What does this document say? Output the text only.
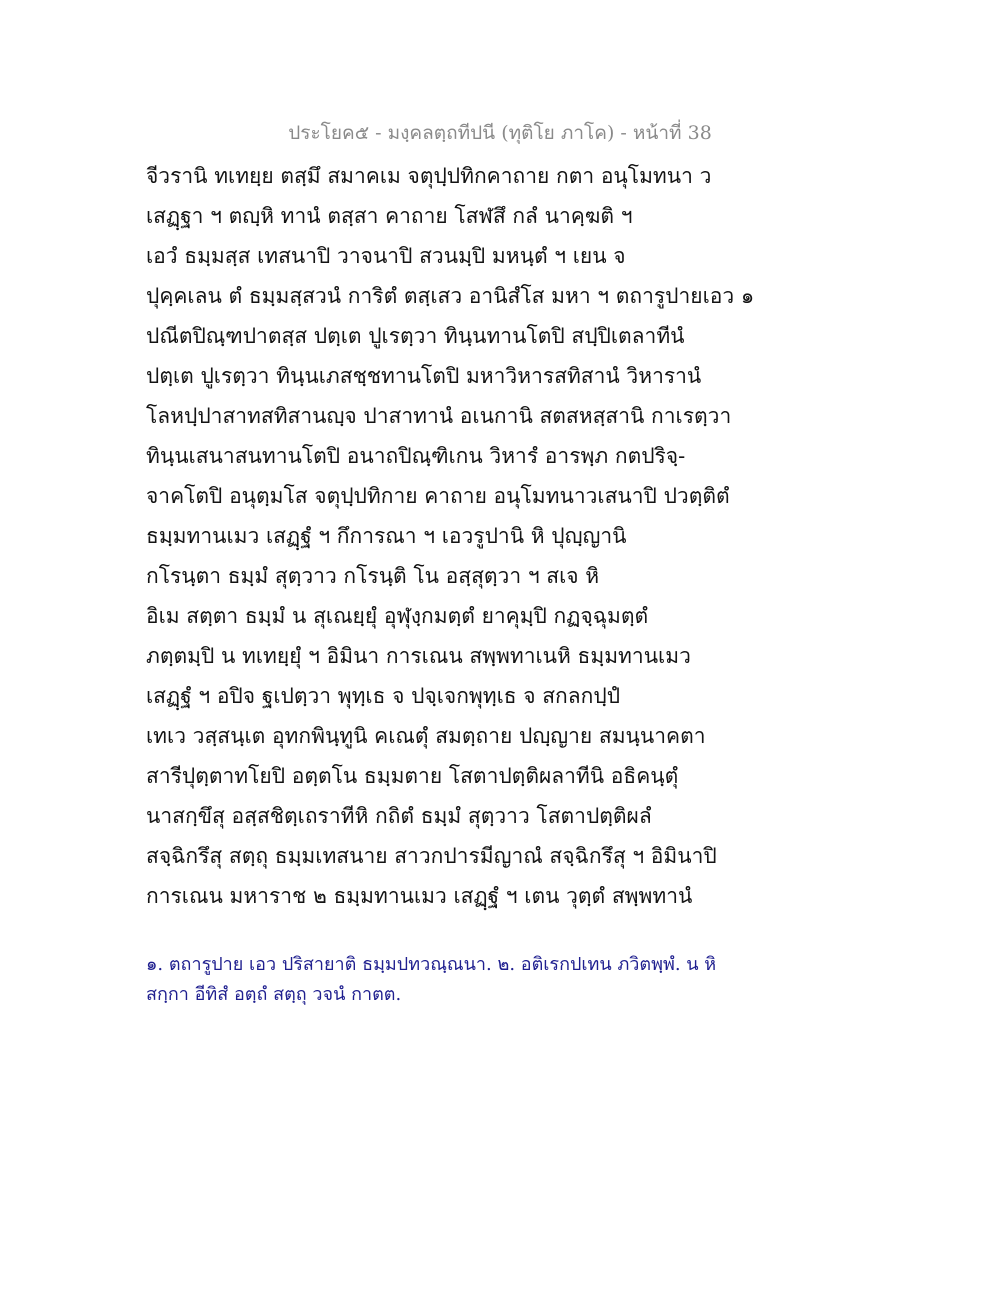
ประโยค๕ - มงฺคลตฺถทีปนี (ทุติโย ภาโค) - หน้าที่ 38
จีวรานิ ทเทยฺย ตสฺมึ สมาคเม จตุปฺปทิกคาถาย กตา อนุโมทนา ว
เสฏฺฐา ฯ ตญฺหิ ทานํ ตสฺสา คาถาย โสฬสึ กลํ นาคฺฆติ ฯ
เอวํ ธมฺมสฺส เทสนาปิ วาจนาปิ สวนมฺปิ มหนฺตํ ฯ เยน จ
ปุคฺคเลน ตํ ธมฺมสฺสวนํ การิตํ ตสฺเสว อานิสํโส มหา ฯ ตถารูปายเอว ๑
ปณีตปิณฺฑปาตสฺส ปตฺเต ปูเรตฺวา ทินฺนทานโตปิ สปฺปิเตลาทีนํ
ปตฺเต ปูเรตฺวา ทินฺนเภสชฺชทานโตปิ มหาวิหารสทิสานํ วิหารานํ
โลหปฺปาสาทสทิสานญฺจ ปาสาทานํ อเนกานิ สตสหสฺสานิ กาเรตฺวา
ทินฺนเสนาสนทานโตปิ อนาถปิณฺฑิเกน วิหารํ อารพฺภ กตปริจฺ-
จาคโตปิ อนุตฺมโส จตุปฺปทิกาย คาถาย อนุโมทนาวเสนาปิ ปวตฺติตํ
ธมฺมทานเมว เสฏฺฐํ ฯ กึการณา ฯ เอวรูปานิ หิ ปุญฺญานิ
กโรนฺตา ธมฺมํ สุตฺวาว กโรนฺติ โน อสฺสุตฺวา ฯ สเจ หิ
อิเม สตฺตา ธมฺมํ น สุเณยฺยุํ อุฬุงฺกมตฺตํ ยาคุมฺปิ กฏจฺฉุมตฺตํ
ภตฺตมฺปิ น ทเทยฺยุํ ฯ อิมินา การเณน สพฺพทาเนหิ ธมฺมทานเมว
เสฏฺฐํ ฯ อปิจ ฐเปตฺวา พุทฺเธ จ ปจฺเจกพุทฺเธ จ สกลกปฺปํ
เทเว วสฺสนฺเต อุทกพินฺทูนิ คเณตุํ สมตฺถาย ปญฺญาย สมนฺนาคตา
สารีปุตฺตาทโยปิ อตฺตโน ธมฺมตาย โสตาปตฺติผลาทีนิ อธิคนฺตุํ
นาสกฺขึสุ อสฺสชิตฺเถราทีหิ กถิตํ ธมฺมํ สุตฺวาว โสตาปตฺติผลํ
สจฺฉิกรึสุ สตฺถุ ธมฺมเทสนาย สาวกปารมีญาณํ สจฺฉิกรึสุ ฯ อิมินาปิ
การเณน มหาราช ๒ ธมฺมทานเมว เสฏฺฐํ ฯ เตน วุตฺตํ สพฺพทานํ
๑. ตถารูปาย เอว ปริสายาติ ธมฺมปทวณฺณนา. ๒. อติเรกปเทน ภวิตพฺพํ. น หิ
สกฺกา อีทิสํ อตฺถํ สตฺถุ วจนํ กาตต.
